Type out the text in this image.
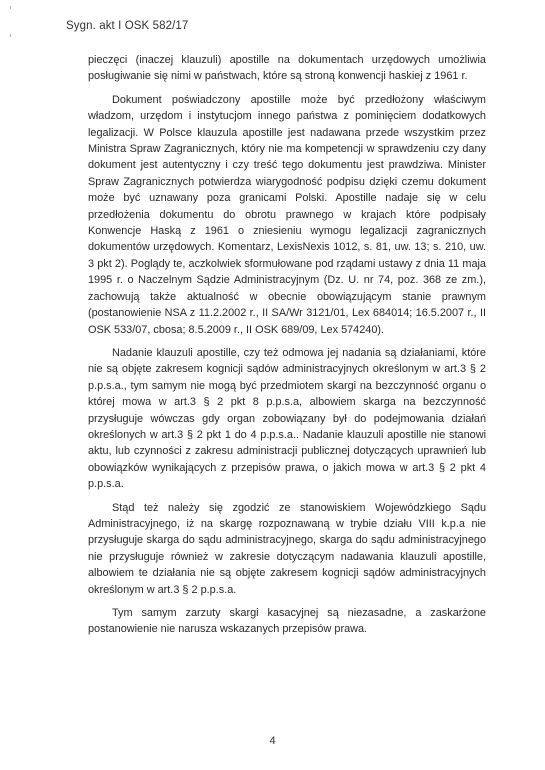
Sygn. akt I OSK 582/17

pieczęci (inaczej klauzuli) apostille na dokumentach urzędowych umożliwia posługiwanie się nimi w państwach, które są stroną konwencji haskiej z 1961 r.

Dokument poświadczony apostille może być przedłożony właściwym władzom, urzędom i instytucjom innego państwa z pominięciem dodatkowych legalizacji. W Polsce klauzula apostille jest nadawana przede wszystkim przez Ministra Spraw Zagranicznych, który nie ma kompetencji w sprawdzeniu czy dany dokument jest autentyczny i czy treść tego dokumentu jest prawdziwa. Minister Spraw Zagranicznych potwierdza wiarygodność podpisu dzięki czemu dokument może być uznawany poza granicami Polski. Apostille nadaje się w celu przedłożenia dokumentu do obrotu prawnego w krajach które podpisały Konwencje Haską z 1961 o zniesieniu wymogu legalizacji zagranicznych dokumentów urzędowych. Komentarz, LexisNexis 1012, s. 81, uw. 13; s. 210, uw. 3 pkt 2). Poglądy te, aczkolwiek sformułowane pod rządami ustawy z dnia 11 maja 1995 r. o Naczelnym Sądzie Administracyjnym (Dz. U. nr 74, poz. 368 ze zm.), zachowują także aktualność w obecnie obowiązującym stanie prawnym (postanowienie NSA z 11.2.2002 r., II SA/Wr 3121/01, Lex 684014; 16.5.2007 r., II OSK 533/07, cbosa; 8.5.2009 r., II OSK 689/09, Lex 574240).

Nadanie klauzuli apostille, czy też odmowa jej nadania są działaniami, które nie są objęte zakresem kognicji sądów administracyjnych określonym w art.3 § 2 p.p.s.a., tym samym nie mogą być przedmiotem skargi na bezczynność organu o której mowa w art.3 § 2 pkt 8 p.p.s.a, albowiem skarga na bezczynność przysługuje wówczas gdy organ zobowiązany był do podejmowania działań określonych w art.3 § 2 pkt 1 do 4 p.p.s.a.. Nadanie klauzuli apostille nie stanowi aktu, lub czynności z zakresu administracji publicznej dotyczących uprawnień lub obowiązków wynikających z przepisów prawa, o jakich mowa w art.3 § 2 pkt 4 p.p.s.a.

Stąd też należy się zgodzić ze stanowiskiem Wojewódzkiego Sądu Administracyjnego, iż na skargę rozpoznawaną w trybie działu VIII k.p.a nie przysługuje skarga do sądu administracyjnego, skarga do sądu administracyjnego nie przysługuje również w zakresie dotyczącym nadawania klauzuli apostille, albowiem te działania nie są objęte zakresem kognicji sądów administracyjnych określonym w art.3 § 2 p.p.s.a.

Tym samym zarzuty skargi kasacyjnej są niezasadne, a zaskarżone postanowienie nie narusza wskazanych przepisów prawa.

4
